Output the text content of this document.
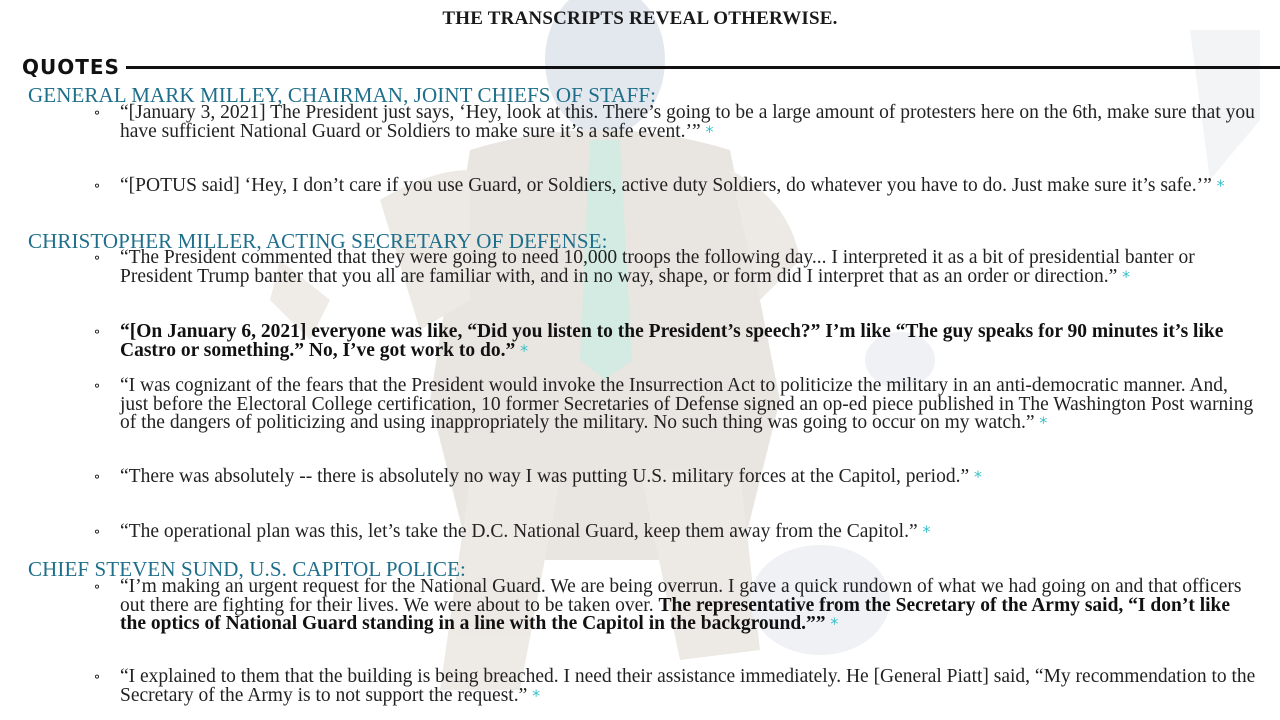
THE TRANSCRIPTS REVEAL OTHERWISE.
QUOTES
GENERAL MARK MILLEY, CHAIRMAN, JOINT CHIEFS OF STAFF:
⚬ “[January 3, 2021] The President just says, ‘Hey, look at this. There’s going to be a large amount of protesters here on the 6th, make sure that you have sufficient National Guard or Soldiers to make sure it’s a safe event.’” *
⚬ “[POTUS said] ‘Hey, I don’t care if you use Guard, or Soldiers, active duty Soldiers, do whatever you have to do. Just make sure it’s safe.’” *
CHRISTOPHER MILLER, ACTING SECRETARY OF DEFENSE:
⚬ “The President commented that they were going to need 10,000 troops the following day... I interpreted it as a bit of presidential banter or President Trump banter that you all are familiar with, and in no way, shape, or form did I interpret that as an order or direction.” *
⚬ “[On January 6, 2021] everyone was like, “Did you listen to the President’s speech?” I’m like “The guy speaks for 90 minutes it’s like Castro or something.” No, I’ve got work to do.” *
⚬ “I was cognizant of the fears that the President would invoke the Insurrection Act to politicize the military in an anti-democratic manner. And, just before the Electoral College certification, 10 former Secretaries of Defense signed an op-ed piece published in The Washington Post warning of the dangers of politicizing and using inappropriately the military. No such thing was going to occur on my watch.” *
⚬ “There was absolutely -- there is absolutely no way I was putting U.S. military forces at the Capitol, period.” *
⚬ “The operational plan was this, let’s take the D.C. National Guard, keep them away from the Capitol.” *
CHIEF STEVEN SUND, U.S. CAPITOL POLICE:
⚬ “I’m making an urgent request for the National Guard. We are being overrun. I gave a quick rundown of what we had going on and that officers out there are fighting for their lives. We were about to be taken over. The representative from the Secretary of the Army said, “I don’t like the optics of National Guard standing in a line with the Capitol in the background.”” *
⚬ “I explained to them that the building is being breached. I need their assistance immediately. He [General Piatt] said, “My recommendation to the Secretary of the Army is to not support the request.” *
